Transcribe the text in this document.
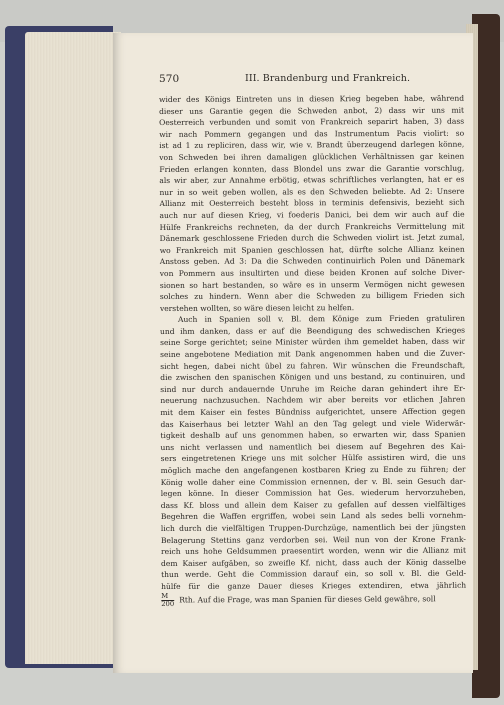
570	III. Brandenburg und Frankreich.
wider des Königs Eintreten uns in diesen Krieg begeben habe, während
dieser uns Garantie gegen die Schweden anbot, 2) dass wir uns mit
Oesterreich verbunden und somit von Frankreich separirt haben, 3) dass
wir nach Pommern gegangen und das Instrumentum Pacis violirt: so
ist ad 1 zu repliciren, dass wir, wie v. Brandt überzeugend darlegen könne,
von Schweden bei ihren damaligen glücklichen Verhältnissen gar keinen
Frieden erlangen konnten, dass Blondel uns zwar die Garantie vorschlug,
als wir aber, zur Annahme erbötig, etwas schriftliches verlangten, hat er es
nur in so weit geben wollen, als es den Schweden beliebte. Ad 2: Unsere
Allianz mit Oesterreich besteht bloss in terminis defensivis, bezieht sich
auch nur auf diesen Krieg, vi foederis Danici, bei dem wir auch auf die
Hülfe Frankreichs rechneten, da der durch Frankreichs Vermittelung mit
Dänemark geschlossene Frieden durch die Schweden violirt ist. Jetzt zumal,
wo Frankreich mit Spanien geschlossen hat, dürfte solche Allianz keinen
Anstoss geben. Ad 3: Da die Schweden continuirlich Polen und Dänemark
von Pommern aus insultirten und diese beiden Kronen auf solche Diver-
sionen so hart bestanden, so wäre es in unserm Vermögen nicht gewesen
solches zu hindern. Wenn aber die Schweden zu billigem Frieden sich
verstehen wollten, so wäre diesen leicht zu helfen.
Auch in Spanien soll v. Bl. dem Könige zum Frieden gratuliren
und ihm danken, dass er auf die Beendigung des schwedischen Krieges
seine Sorge gerichtet; seine Minister würden ihm gemeldet haben, dass wir
seine angebotene Mediation mit Dank angenommen haben und die Zuver-
sicht hegen, dabei nicht übel zu fahren. Wir wünschen die Freundschaft,
die zwischen den spanischen Königen und uns bestand, zu continuiren, und
sind nur durch andauernde Unruhe im Reiche daran gehindert ihre Er-
neuerung nachzusuchen. Nachdem wir aber bereits vor etlichen Jahren
mit dem Kaiser ein festes Bündniss aufgerichtet, unsere Affection gegen
das Kaiserhaus bei letzter Wahl an den Tag gelegt und viele Widerwär-
tigkeit deshalb auf uns genommen haben, so erwarten wir, dass Spanien
uns nicht verlassen und namentlich bei diesem auf Begehren des Kai-
sers eingetretenen Kriege uns mit solcher Hülfe assistiren wird, die uns
möglich mache den angefangenen kostbaren Krieg zu Ende zu führen; der
König wolle daher eine Commission ernennen, der v. Bl. sein Gesuch dar-
legen könne. In dieser Commission hat Ges. wiederum hervorzuheben,
dass Kf. bloss und allein dem Kaiser zu gefallen auf dessen vielfältiges
Begehren die Waffen ergriffen, wobei sein Land als sedes belli vornehm-
lich durch die vielfältigen Truppen-Durchzüge, namentlich bei der jüngsten
Belagerung Stettins ganz verdorben sei. Weil nun von der Krone Frank-
reich uns hohe Geldsummen praesentirt worden, wenn wir die Allianz mit
dem Kaiser aufgäben, so zweifle Kf. nicht, dass auch der König dasselbe
thun werde. Geht die Commission darauf ein, so soll v. Bl. die Geld-
hülfe für die ganze Dauer dieses Krieges extendiren, etwa jährlich
$\frac{M}{200}$ Rth. Auf die Frage, was man Spanien für dieses Geld gewähre, soll
